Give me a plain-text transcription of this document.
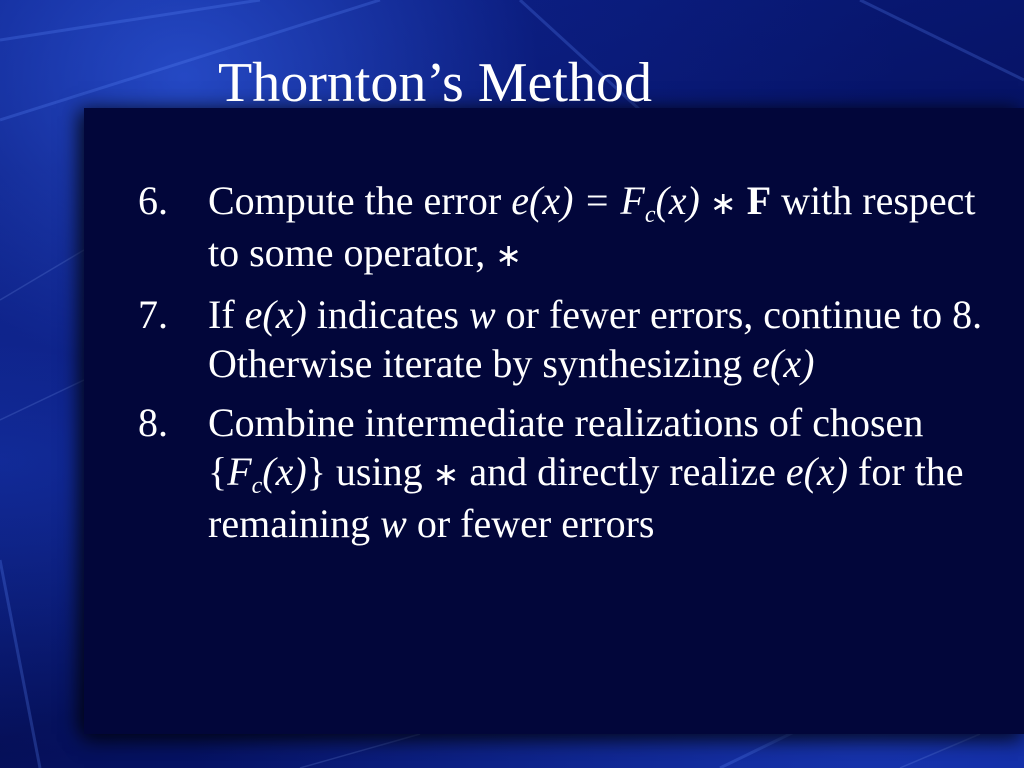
Thornton’s Method
6. Compute the error $e(x) = F_c(x)$ ∗ F with respect to some operator, ∗
7. If e(x) indicates w or fewer errors, continue to 8. Otherwise iterate by synthesizing e(x)
8. Combine intermediate realizations of chosen $\{F_c(x)\}$ using ∗ and directly realize e(x) for the remaining w or fewer errors
